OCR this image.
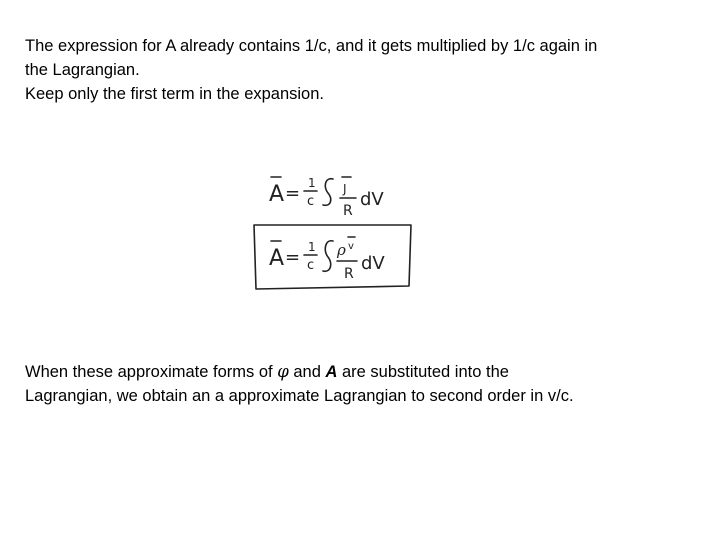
The expression for A already contains 1/c, and it gets multiplied by 1/c again in
the Lagrangian.
Keep only the first term in the expansion.
A = 1
c
J
R
dV
A = 1
c
ρ v
R dV
When these approximate forms of φ and A are substituted into the
Lagrangian, we obtain an a approximate Lagrangian to second order in v/c.
